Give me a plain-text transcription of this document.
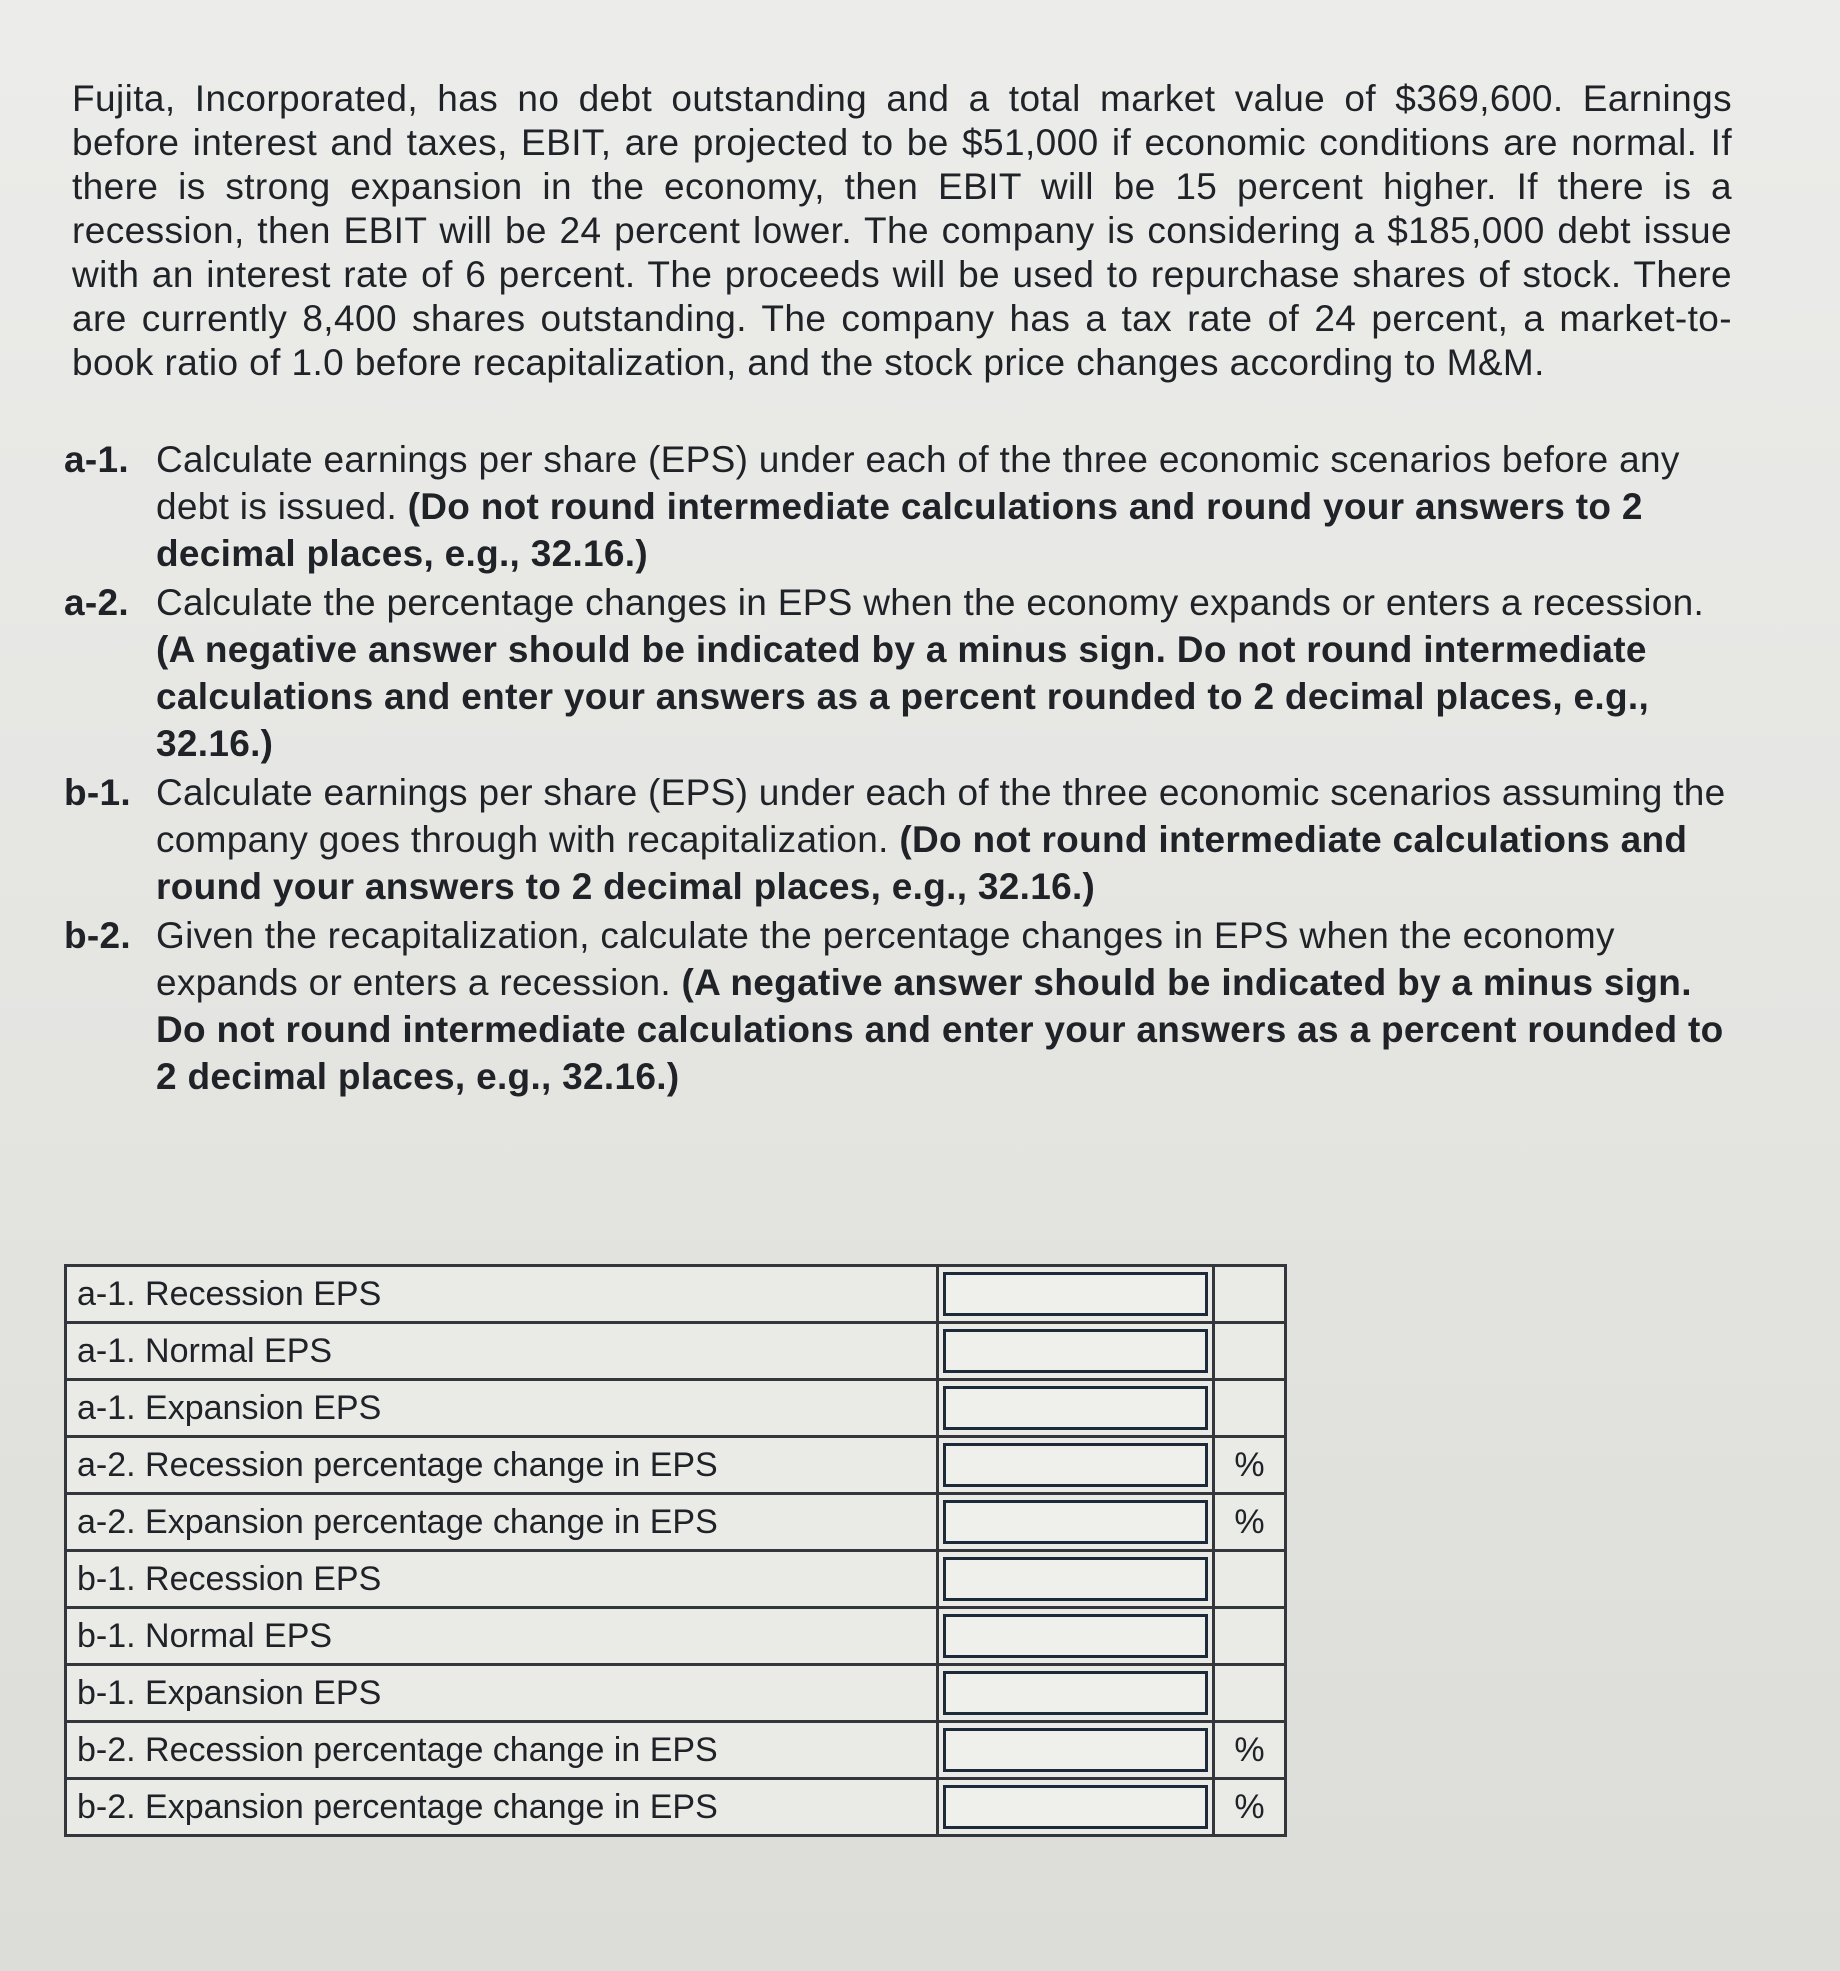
Fujita, Incorporated, has no debt outstanding and a total market value of $369,600. Earnings before interest and taxes, EBIT, are projected to be $51,000 if economic conditions are normal. If there is strong expansion in the economy, then EBIT will be 15 percent higher. If there is a recession, then EBIT will be 24 percent lower. The company is considering a $185,000 debt issue with an interest rate of 6 percent. The proceeds will be used to repurchase shares of stock. There are currently 8,400 shares outstanding. The company has a tax rate of 24 percent, a market-to-book ratio of 1.0 before recapitalization, and the stock price changes according to M&M.

a-1. Calculate earnings per share (EPS) under each of the three economic scenarios before any debt is issued. (Do not round intermediate calculations and round your answers to 2 decimal places, e.g., 32.16.)
a-2. Calculate the percentage changes in EPS when the economy expands or enters a recession. (A negative answer should be indicated by a minus sign. Do not round intermediate calculations and enter your answers as a percent rounded to 2 decimal places, e.g., 32.16.)
b-1. Calculate earnings per share (EPS) under each of the three economic scenarios assuming the company goes through with recapitalization. (Do not round intermediate calculations and round your answers to 2 decimal places, e.g., 32.16.)
b-2. Given the recapitalization, calculate the percentage changes in EPS when the economy expands or enters a recession. (A negative answer should be indicated by a minus sign. Do not round intermediate calculations and enter your answers as a percent rounded to 2 decimal places, e.g., 32.16.)
a-1. Recession EPS	

a-1. Normal EPS	

a-1. Expansion EPS	

a-2. Recession percentage change in EPS		%
a-2. Expansion percentage change in EPS		%
b-1. Recession EPS	

b-1. Normal EPS	

b-1. Expansion EPS	

b-2. Recession percentage change in EPS		%
b-2. Expansion percentage change in EPS		%
